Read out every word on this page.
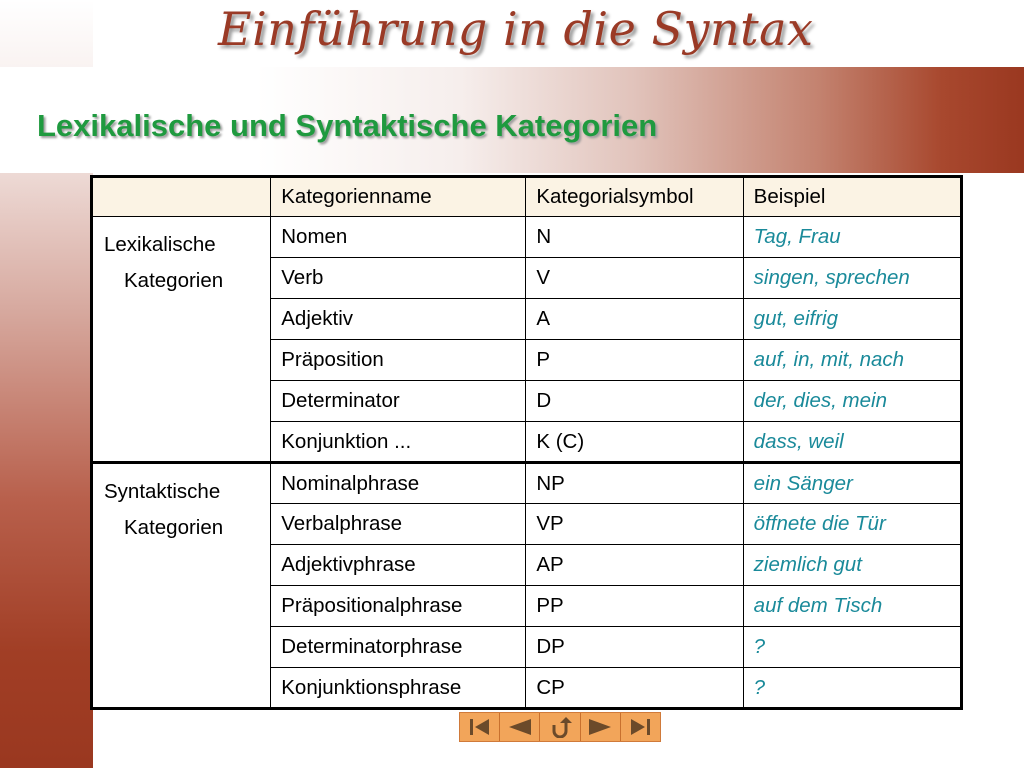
Einführung in die Syntax
Lexikalische und Syntaktische Kategorien
	Kategorienname	Kategorialsymbol	Beispiel

Lexikalische
Kategorien	Nomen	N	Tag, Frau
	Verb	V	singen, sprechen
	Adjektiv	A	gut, eifrig
	Präposition	P	auf, in, mit, nach
	Determinator	D	der, dies, mein
	Konjunktion ...	K (C)	dass, weil

Syntaktische
Kategorien	Nominalphrase	NP	ein Sänger
	Verbalphrase	VP	öffnete die Tür
	Adjektivphrase	AP	ziemlich gut
	Präpositionalphrase	PP	auf dem Tisch
	Determinatorphrase	DP	?
	Konjunktionsphrase	CP	?
